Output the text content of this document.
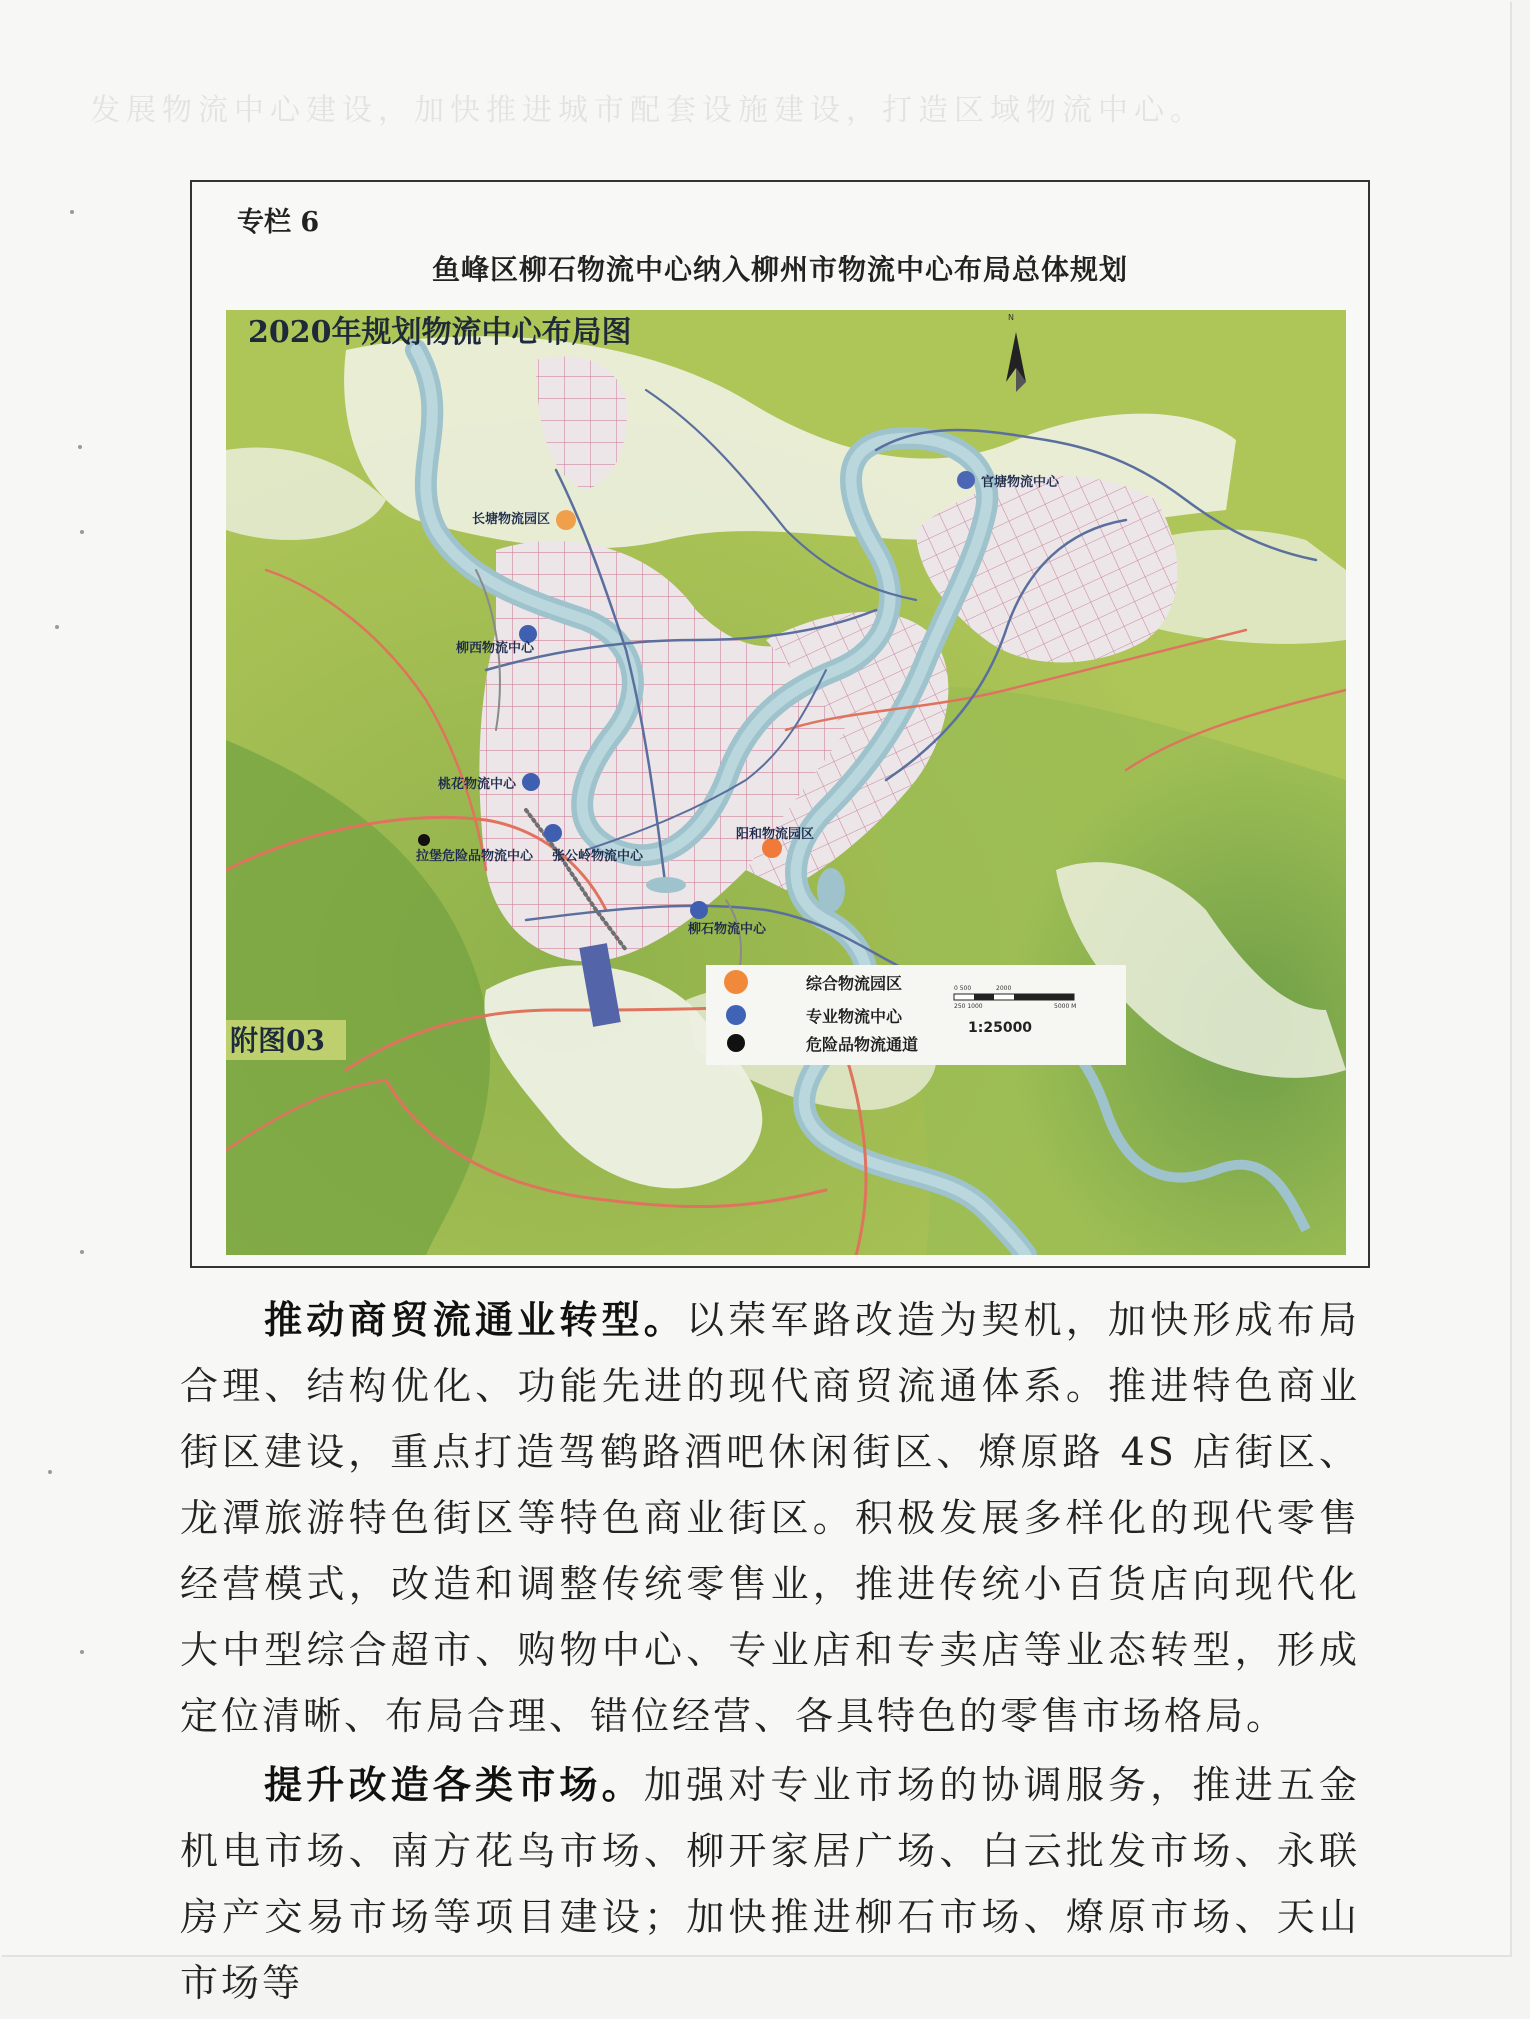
发展物流中心建设，加快推进城市配套设施建设，打造区域物流中心。
专栏 6
鱼峰区柳石物流中心纳入柳州市物流中心布局总体规划
2020年规划物流中心布局图	N
官塘物流中心
长塘物流园区
柳西物流中心
桃花物流中心
张公岭物流中心
拉堡危险品物流中心
阳和物流园区
柳石物流中心
附图03
综合物流园区
专业物流中心
危险品物流通道
0 500	2000
250 1000	5000 M
1:25000

推动商贸流通业转型。以荣军路改造为契机，加快形成布局合理、结构优化、功能先进的现代商贸流通体系。推进特色商业街区建设，重点打造驾鹤路酒吧休闲街区、燎原路 4S 店街区、龙潭旅游特色街区等特色商业街区。积极发展多样化的现代零售经营模式，改造和调整传统零售业，推进传统小百货店向现代化大中型综合超市、购物中心、专业店和专卖店等业态转型，形成定位清晰、布局合理、错位经营、各具特色的零售市场格局。

提升改造各类市场。加强对专业市场的协调服务，推进五金机电市场、南方花鸟市场、柳开家居广场、白云批发市场、永联房产交易市场等项目建设；加快推进柳石市场、燎原市场、天山市场等
